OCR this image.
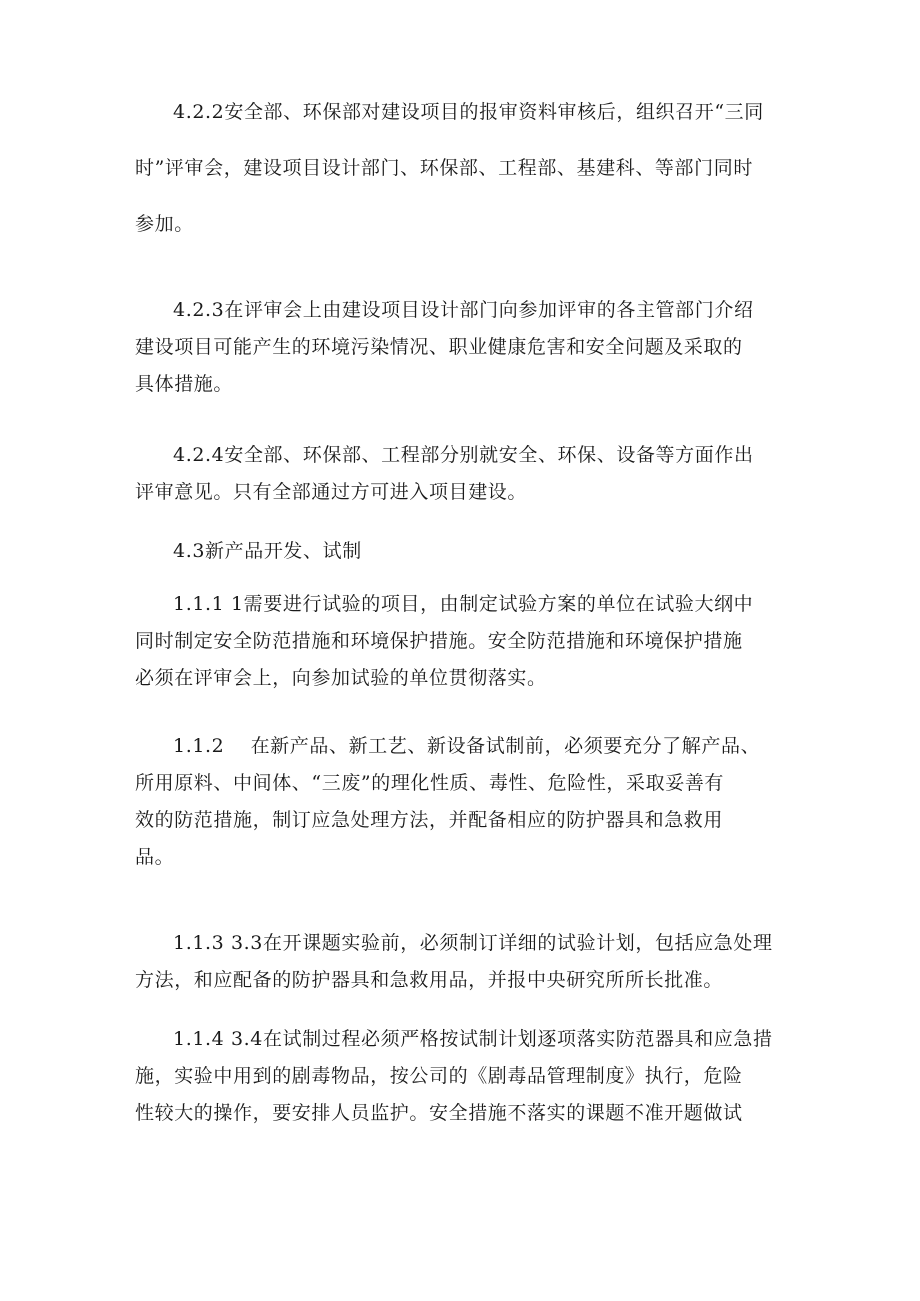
4.2.2安全部、环保部对建设项目的报审资料审核后，组织召开“三同
时”评审会，建设项目设计部门、环保部、工程部、基建科、等部门同时
参加。
4.2.3在评审会上由建设项目设计部门向参加评审的各主管部门介绍
建设项目可能产生的环境污染情况、职业健康危害和安全问题及采取的
具体措施。
4.2.4安全部、环保部、工程部分别就安全、环保、设备等方面作出
评审意见。只有全部通过方可进入项目建设。
4.3新产品开发、试制
1.1.1 1需要进行试验的项目，由制定试验方案的单位在试验大纲中
同时制定安全防范措施和环境保护措施。安全防范措施和环境保护措施
必须在评审会上，向参加试验的单位贯彻落实。
1.1.2　 在新产品、新工艺、新设备试制前，必须要充分了解产品、
所用原料、中间体、“三废”的理化性质、毒性、危险性，采取妥善有
效的防范措施，制订应急处理方法，并配备相应的防护器具和急救用
品。
1.1.3 3.3在开课题实验前，必须制订详细的试验计划，包括应急处理
方法，和应配备的防护器具和急救用品，并报中央研究所所长批准。
1.1.4 3.4在试制过程必须严格按试制计划逐项落实防范器具和应急措
施，实验中用到的剧毒物品，按公司的《剧毒品管理制度》执行，危险
性较大的操作，要安排人员监护。安全措施不落实的课题不准开题做试
